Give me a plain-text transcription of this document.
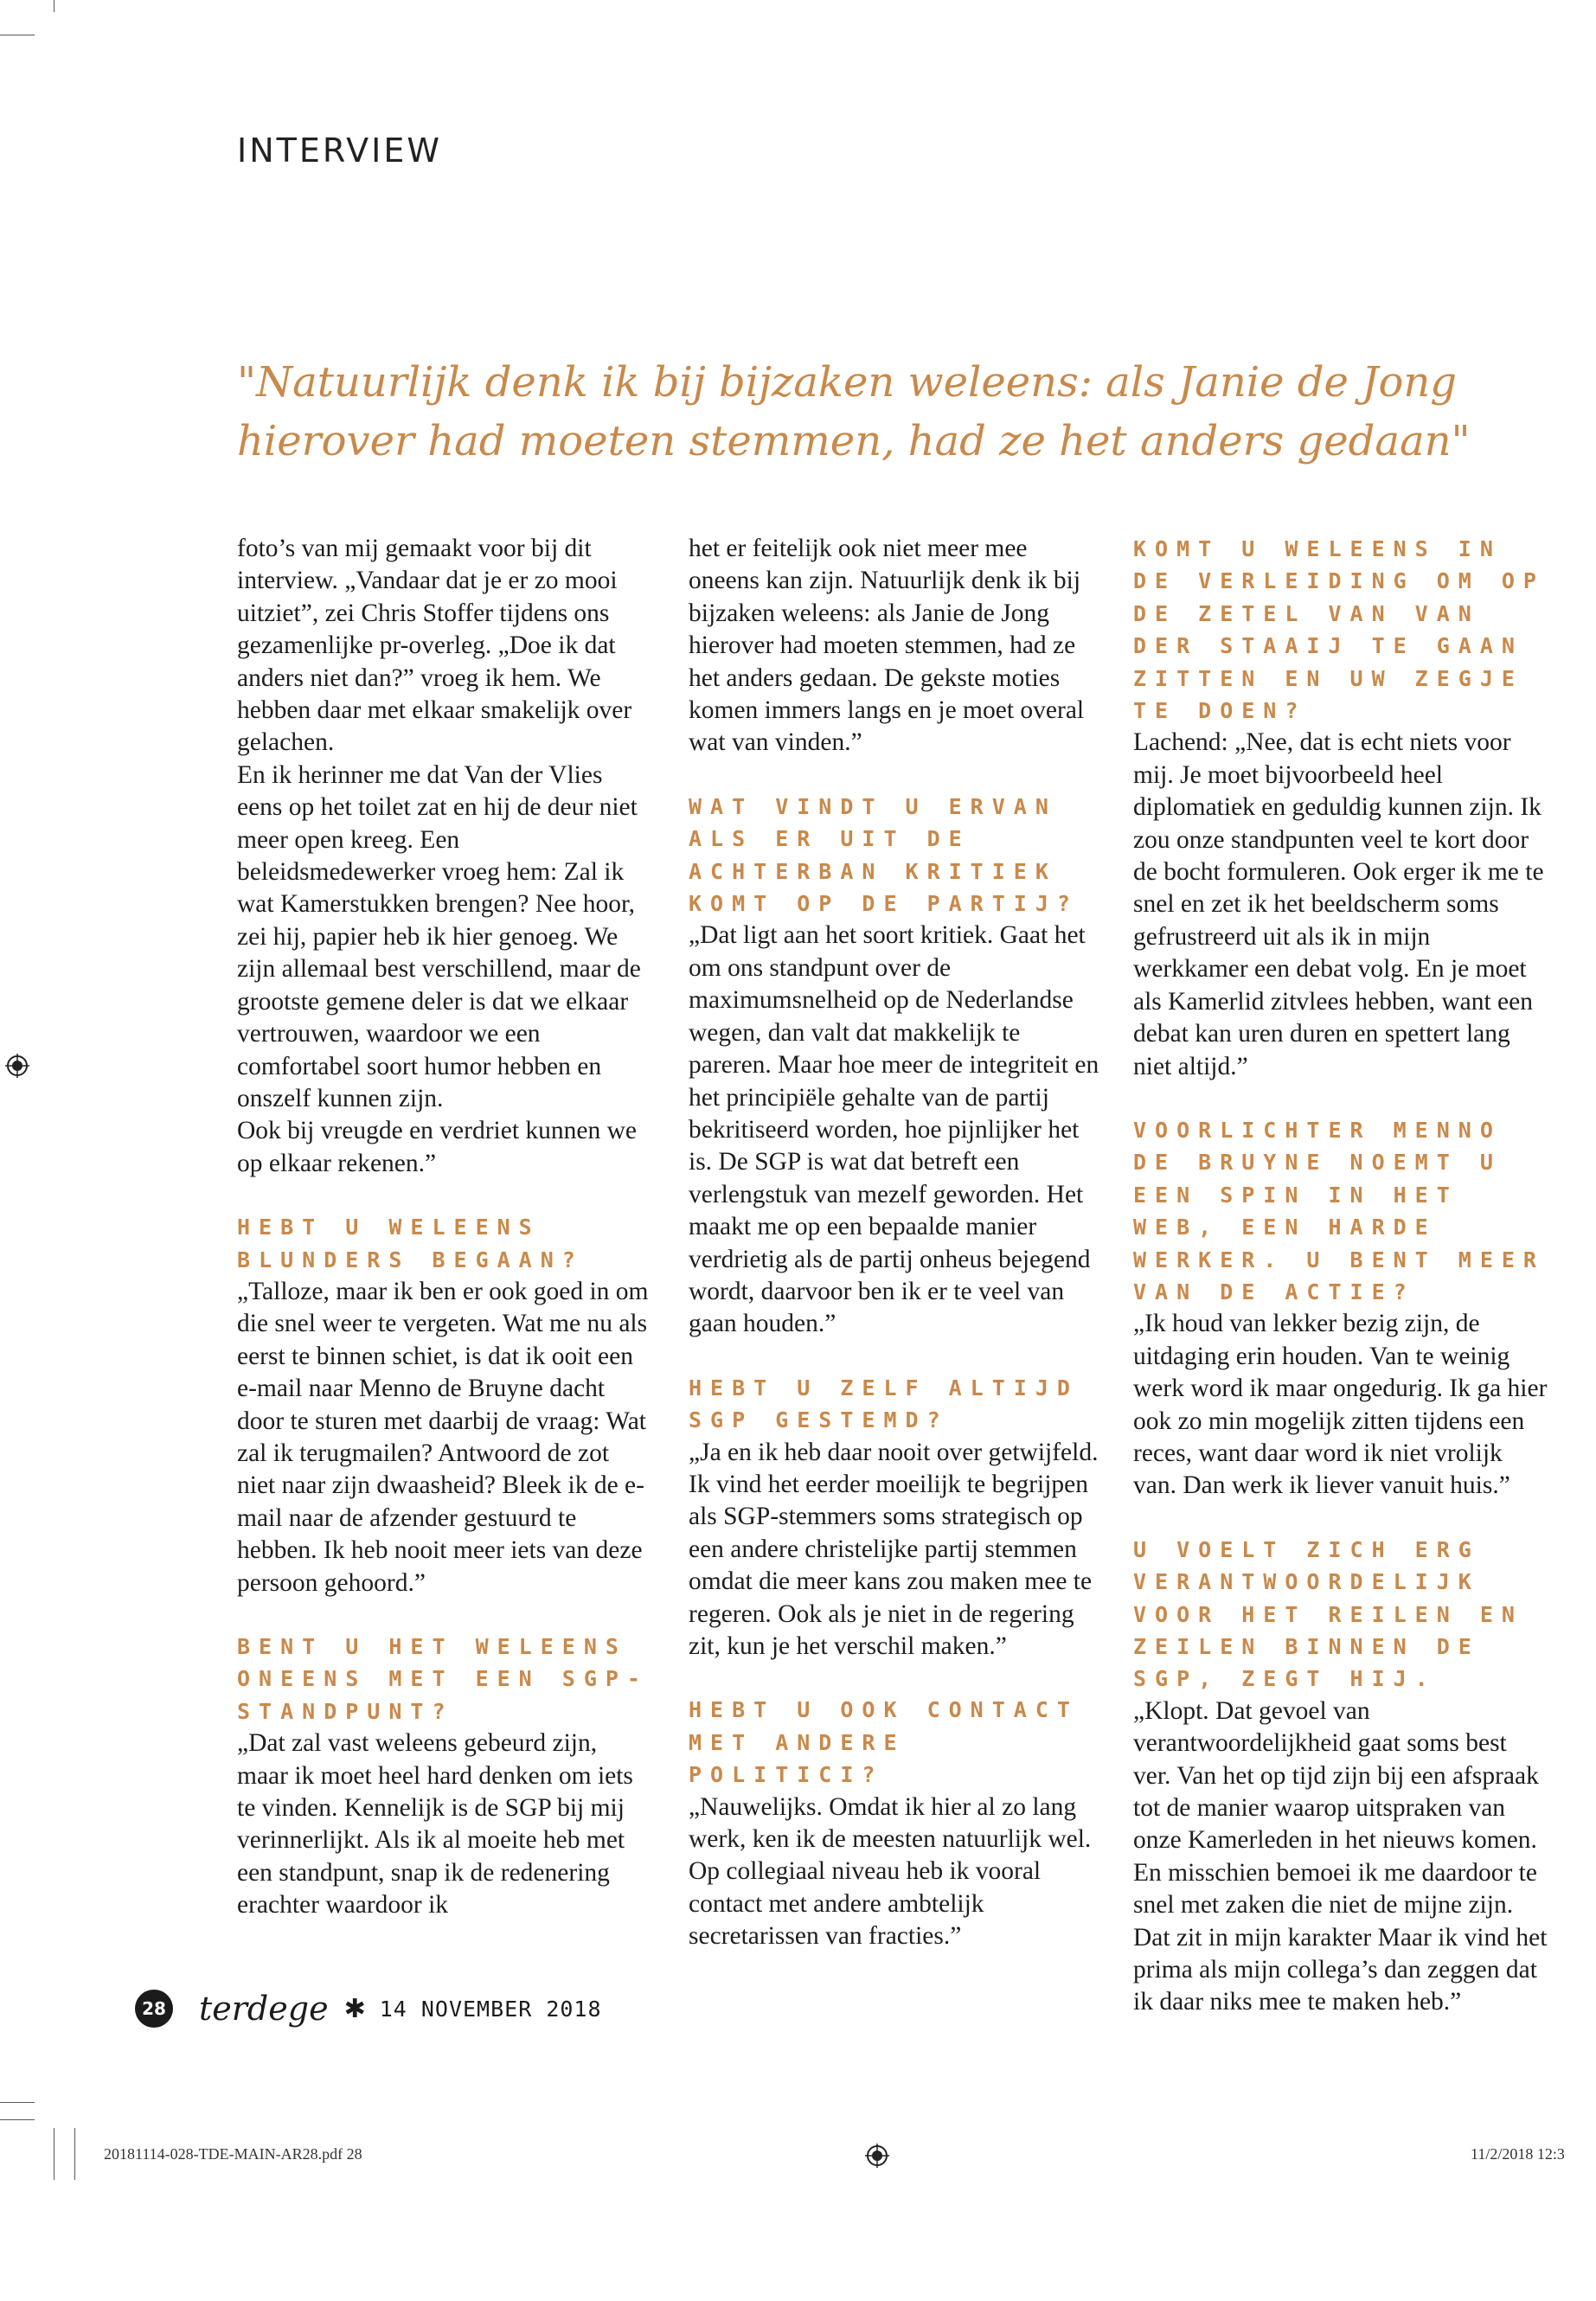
INTERVIEW
"Natuurlijk denk ik bij bijzaken weleens: als Janie de Jong hierover had moeten stemmen, had ze het anders gedaan"

foto’s van mij gemaakt voor bij dit interview. „Vandaar dat je er zo mooi uitziet”, zei Chris Stoffer tijdens ons gezamenlijke pr-overleg. „Doe ik dat anders niet dan?” vroeg ik hem. We hebben daar met elkaar smakelijk over gelachen.

En ik herinner me dat Van der Vlies eens op het toilet zat en hij de deur niet meer open kreeg. Een beleidsmedewerker vroeg hem: Zal ik wat Kamerstukken brengen? Nee hoor, zei hij, papier heb ik hier genoeg. We zijn allemaal best verschillend, maar de grootste gemene deler is dat we elkaar vertrouwen, waardoor we een comfortabel soort humor hebben en onszelf kunnen zijn.

Ook bij vreugde en verdriet kunnen we op elkaar rekenen.”

HEBT U WELEENS BLUNDERS BEGAAN?

„Talloze, maar ik ben er ook goed in om die snel weer te vergeten. Wat me nu als eerst te binnen schiet, is dat ik ooit een e-mail naar Menno de Bruyne dacht door te sturen met daarbij de vraag: Wat zal ik terugmailen? Antwoord de zot niet naar zijn dwaasheid? Bleek ik de e-mail naar de afzender gestuurd te hebben. Ik heb nooit meer iets van deze persoon gehoord.”

BENT U HET WELEENS ONEENS MET EEN SGP-STANDPUNT?

„Dat zal vast weleens gebeurd zijn, maar ik moet heel hard denken om iets te vinden. Kennelijk is de SGP bij mij verinnerlijkt. Als ik al moeite heb met een standpunt, snap ik de redenering erachter waardoor ik

het er feitelijk ook niet meer mee oneens kan zijn. Natuurlijk denk ik bij bijzaken weleens: als Janie de Jong hierover had moeten stemmen, had ze het anders gedaan. De gekste moties komen immers langs en je moet overal wat van vinden.”

WAT VINDT U ERVAN ALS ER UIT DE ACHTERBAN KRITIEK KOMT OP DE PARTIJ?

„Dat ligt aan het soort kritiek. Gaat het om ons standpunt over de maximumsnelheid op de Nederlandse wegen, dan valt dat makkelijk te pareren. Maar hoe meer de integriteit en het principiële gehalte van de partij bekritiseerd worden, hoe pijnlijker het is. De SGP is wat dat betreft een verlengstuk van mezelf geworden. Het maakt me op een bepaalde manier verdrietig als de partij onheus bejegend wordt, daarvoor ben ik er te veel van gaan houden.”

HEBT U ZELF ALTIJD SGP GESTEMD?

„Ja en ik heb daar nooit over getwijfeld. Ik vind het eerder moeilijk te begrijpen als SGP-stemmers soms strategisch op een andere christelijke partij stemmen omdat die meer kans zou maken mee te regeren. Ook als je niet in de regering zit, kun je het verschil maken.”

HEBT U OOK CONTACT MET ANDERE POLITICI?

„Nauwelijks. Omdat ik hier al zo lang werk, ken ik de meesten natuurlijk wel. Op collegiaal niveau heb ik vooral contact met andere ambtelijk secretarissen van fracties.”

KOMT U WELEENS IN DE VERLEIDING OM OP DE ZETEL VAN VAN DER STAAIJ TE GAAN ZITTEN EN UW ZEGJE TE DOEN?

Lachend: „Nee, dat is echt niets voor mij. Je moet bijvoorbeeld heel diplomatiek en geduldig kunnen zijn. Ik zou onze standpunten veel te kort door de bocht formuleren. Ook erger ik me te snel en zet ik het beeldscherm soms gefrustreerd uit als ik in mijn werkkamer een debat volg. En je moet als Kamerlid zitvlees hebben, want een debat kan uren duren en spettert lang niet altijd.”

VOORLICHTER MENNO DE BRUYNE NOEMT U EEN SPIN IN HET WEB, EEN HARDE WERKER. U BENT MEER VAN DE ACTIE?

„Ik houd van lekker bezig zijn, de uitdaging erin houden. Van te weinig werk word ik maar ongedurig. Ik ga hier ook zo min mogelijk zitten tijdens een reces, want daar word ik niet vrolijk van. Dan werk ik liever vanuit huis.”

U VOELT ZICH ERG VERANTWOORDELIJK VOOR HET REILEN EN ZEILEN BINNEN DE SGP, ZEGT HIJ.

„Klopt. Dat gevoel van verantwoordelijkheid gaat soms best ver. Van het op tijd zijn bij een afspraak tot de manier waarop uitspraken van onze Kamerleden in het nieuws komen. En misschien bemoei ik me daardoor te snel met zaken die niet de mijne zijn. Dat zit in mijn karakter Maar ik vind het prima als mijn collega’s dan zeggen dat ik daar niks mee te maken heb.”

28 terdege ✱ 14 NOVEMBER 2018
20181114-028-TDE-MAIN-AR28.pdf 28	11/2/2018 12:3
